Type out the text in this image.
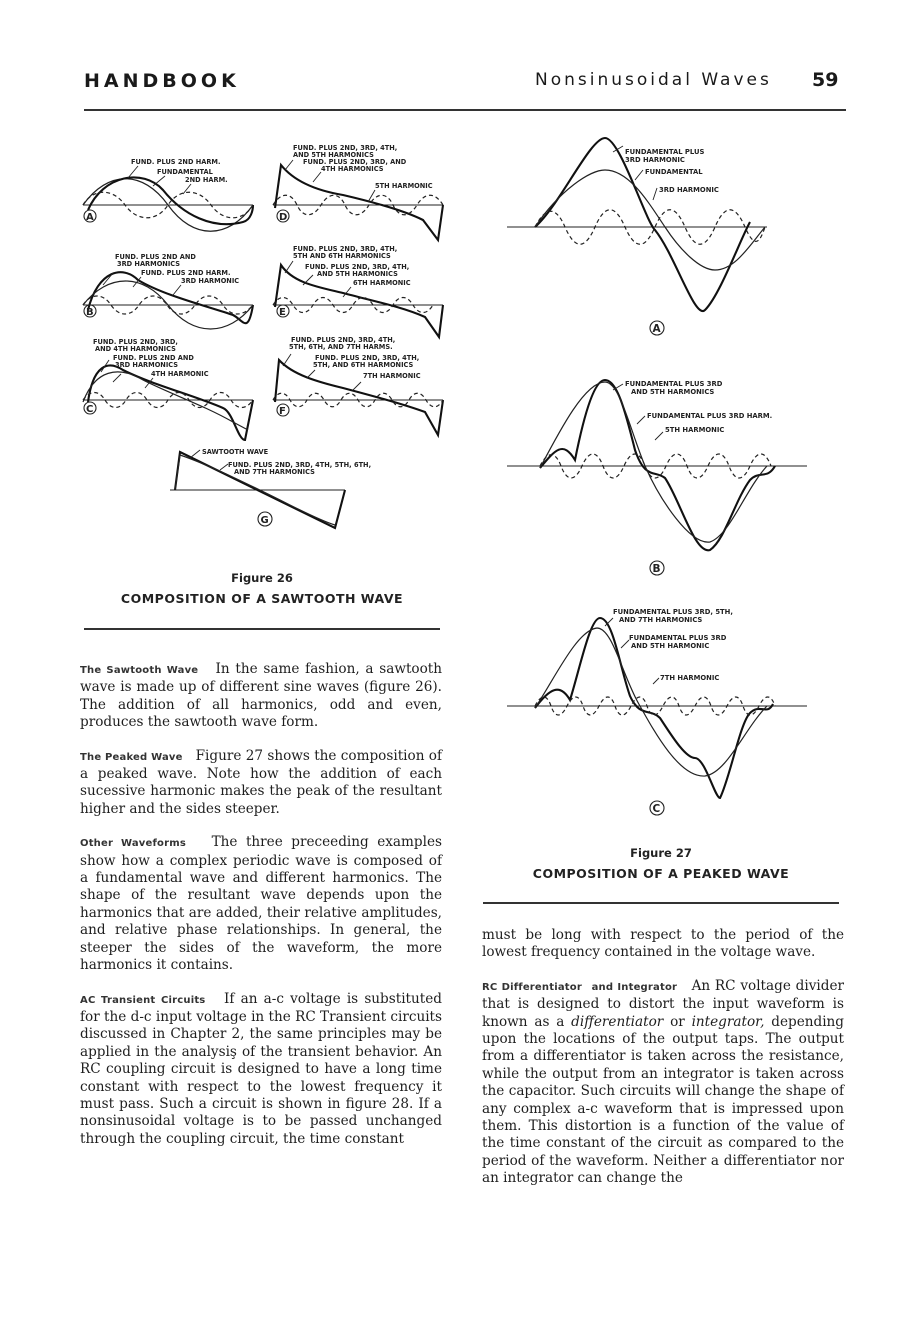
HANDBOOK	Nonsinusoidal Waves 59
FUND. PLUS 2ND HARM.
FUNDAMENTAL
2ND HARM.
A
FUND. PLUS 2ND, 3RD, 4TH,
AND 5TH HARMONICS
FUND. PLUS 2ND, 3RD, AND
4TH HARMONICS
5TH HARMONIC
D
FUND. PLUS 2ND AND
3RD HARMONICS
FUND. PLUS 2ND HARM.
3RD HARMONIC
B
FUND. PLUS 2ND, 3RD, 4TH,
5TH AND 6TH HARMONICS
FUND. PLUS 2ND, 3RD, 4TH,
AND 5TH HARMONICS
6TH HARMONIC
E
FUND. PLUS 2ND, 3RD,
AND 4TH HARMONICS
FUND. PLUS 2ND AND
3RD HARMONICS
4TH HARMONIC
C
FUND. PLUS 2ND, 3RD, 4TH,
5TH, 6TH, AND 7TH HARMS.
FUND. PLUS 2ND, 3RD, 4TH,
5TH, AND 6TH HARMONICS
7TH HARMONIC
F
SAWTOOTH WAVE
FUND. PLUS 2ND, 3RD, 4TH, 5TH, 6TH,
AND 7TH HARMONICS
G
Figure 26
COMPOSITION OF A SAWTOOTH WAVE
FUNDAMENTAL PLUS
3RD HARMONIC
FUNDAMENTAL
3RD HARMONIC
A
FUNDAMENTAL PLUS 3RD
AND 5TH HARMONICS
FUNDAMENTAL PLUS 3RD HARM.
5TH HARMONIC
B
FUNDAMENTAL PLUS 3RD, 5TH,
AND 7TH HARMONICS
FUNDAMENTAL PLUS 3RD
AND 5TH HARMONIC
7TH HARMONIC
C
Figure 27
COMPOSITION OF A PEAKED WAVE

The Sawtooth Wave In the same fashion, a sawtooth wave is made up of different sine waves (figure 26). The addition of all harmonics, odd and even, produces the sawtooth wave form.

The Peaked Wave Figure 27 shows the composition of a peaked wave. Note how the addition of each sucessive harmonic makes the peak of the resultant higher and the sides steeper.

Other Waveforms The three preceeding examples show how a complex periodic wave is composed of a fundamental wave and different harmonics. The shape of the resultant wave depends upon the harmonics that are added, their relative amplitudes, and relative phase relationships. In general, the steeper the sides of the waveform, the more harmonics it contains.

AC Transient Circuits If an a-c voltage is substituted for the d-c input voltage in the RC Transient circuits discussed in Chapter 2, the same principles may be applied in the analysiş of the transient behavior. An RC coupling circuit is designed to have a long time constant with respect to the lowest frequency it must pass. Such a circuit is shown in figure 28. If a nonsinusoidal voltage is to be passed unchanged through the coupling circuit, the time constant

must be long with respect to the period of the lowest frequency contained in the voltage wave.

RC Differentiator and Integrator An RC voltage divider that is designed to distort the input waveform is known as a differentiator or integrator, depending upon the locations of the output taps. The output from a differentiator is taken across the resistance, while the output from an integrator is taken across the capacitor. Such circuits will change the shape of any complex a-c waveform that is impressed upon them. This distortion is a function of the value of the time constant of the circuit as compared to the period of the waveform. Neither a differentiator nor an integrator can change the
